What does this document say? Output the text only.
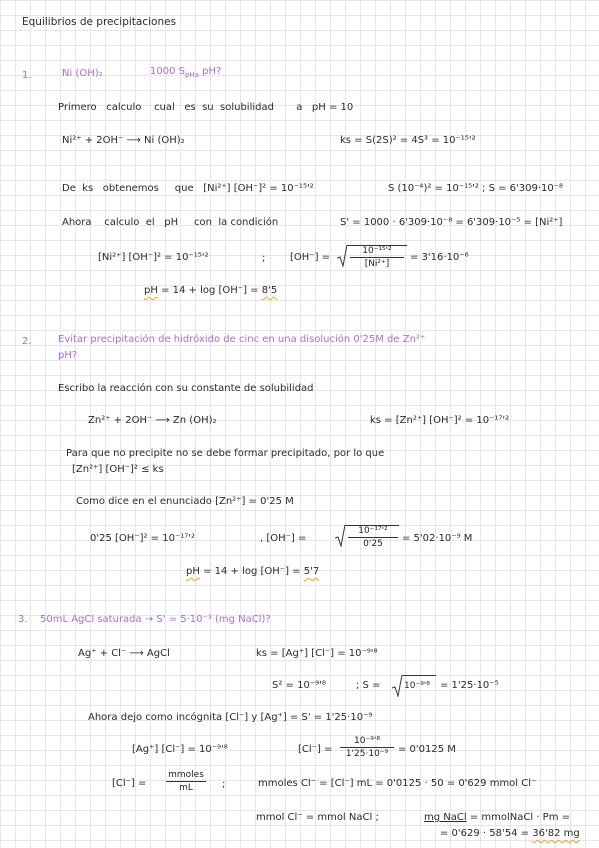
Equilibrios de precipitaciones
1.	Ni (OH)₂	1000 $S_{pHa}$ pH?
Primero calculo cual es su solubilidad a pH = 10
Ni²⁺ + 2OH⁻ ⟶ Ni (OH)₂	ks = S(2S)² = 4S³ = 10⁻¹⁵'²
De ks obtenemos que [Ni²⁺] [OH⁻]² = 10⁻¹⁵'²	S (10⁻⁴)² = 10⁻¹⁵'² ; S = 6'309·10⁻⁸
Ahora calculo el pH con la condición	S' = 1000 · 6'309·10⁻⁸ = 6'309·10⁻⁵ = [Ni²⁺]
[Ni²⁺] [OH⁻]² = 10⁻¹⁵'²	; [OH⁻] =
10⁻¹⁵'²
[Ni²⁺]
= 3'16·10⁻⁶
pH = 14 + log [OH⁻] = 8'5
2.	Evitar precipitación de hidróxido de cinc en una disolución 0'25M de Zn²⁺
pH?
Escribo la reacción con su constante de solubilidad
Zn²⁺ + 2OH⁻ ⟶ Zn (OH)₂	ks = [Zn²⁺] [OH⁻]² = 10⁻¹⁷'²
Para que no precipite no se debe formar precipitado, por lo que
[Zn²⁺] [OH⁻]² ≤ ks
Como dice en el enunciado [Zn²⁺] = 0'25 M
0'25 [OH⁻]² = 10⁻¹⁷'²	, [OH⁻] =
10⁻¹⁷'²
0'25	= 5'02·10⁻⁹ M
pH = 14 + log [OH⁻] = 5'7
3. 50mL AgCl saturada → S' = 5·10⁻³ (mg NaCl)?
Ag⁺ + Cl⁻ ⟶ AgCl	ks = [Ag⁺] [Cl⁻] = 10⁻⁹'⁸
S² = 10⁻⁹'⁸	; S =	10⁻⁹'⁸ = 1'25·10⁻⁵
Ahora dejo como incógnita [Cl⁻] y [Ag⁺] = S' = 1'25·10⁻⁹
[Ag⁺] [Cl⁻] = 10⁻⁹'⁸	[Cl⁻] =
10⁻⁹'⁸
1'25·10⁻⁹ = 0'0125 M
[Cl⁻] =
mmoles
mL	;	mmoles Cl⁻ = [Cl⁻] mL = 0'0125 · 50 = 0'629 mmol Cl⁻
mmol Cl⁻ = mmol NaCl ;	mg NaCl = mmolNaCl · Pm =
= 0'629 · 58'54 = 36'82 mg
